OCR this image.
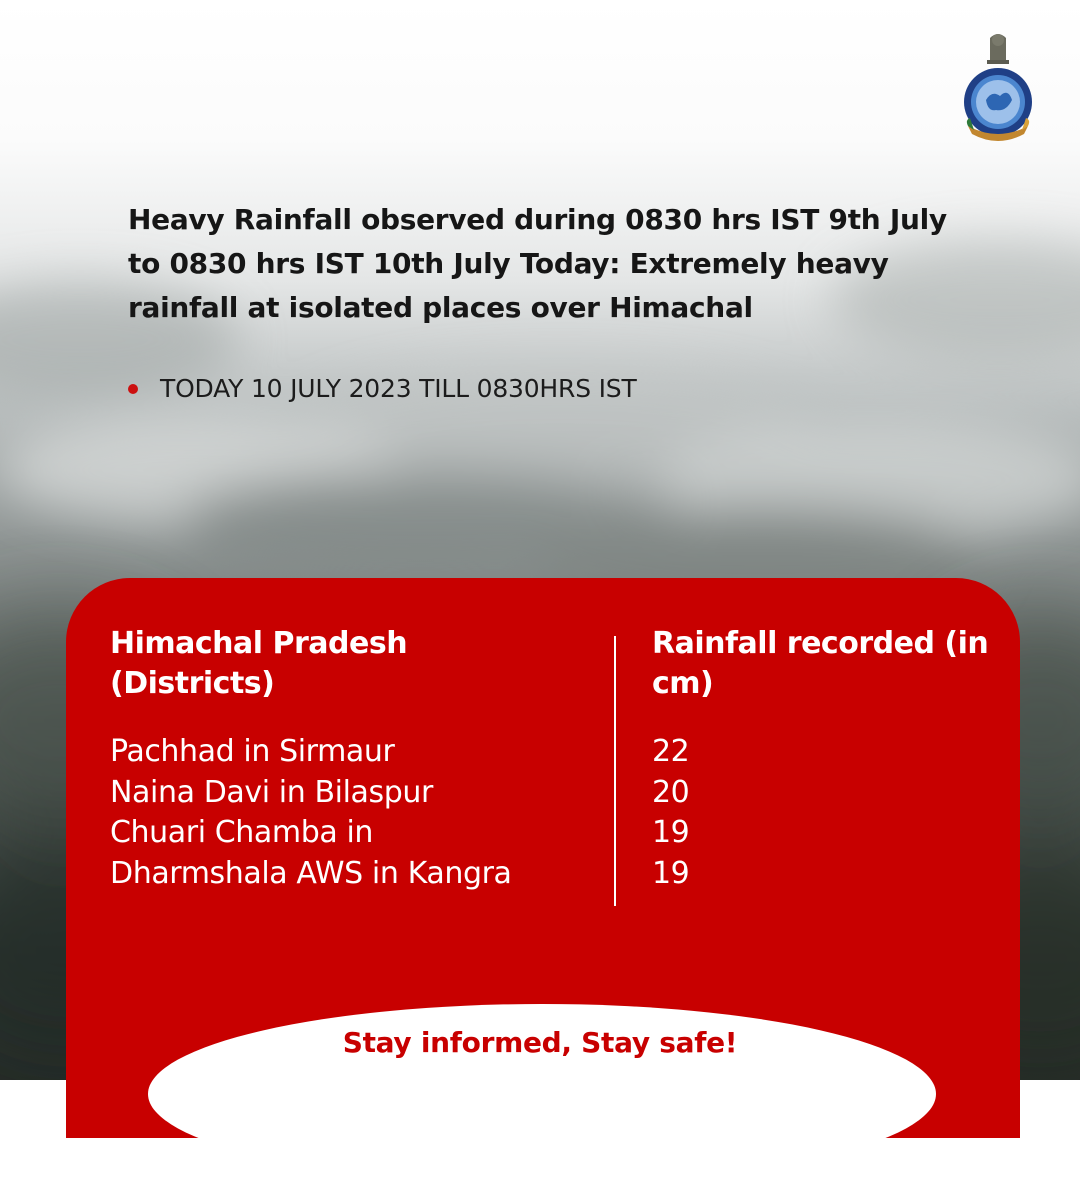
Heavy Rainfall observed during 0830 hrs IST 9th July to 0830 hrs IST 10th July Today: Extremely heavy rainfall at isolated places over Himachal

TODAY 10 JULY 2023 TILL 0830HRS IST
Himachal Pradesh (Districts)
Rainfall recorded (in cm)
Pachhad in Sirmaur
Naina Davi in Bilaspur
Chuari Chamba in
Dharmshala AWS in Kangra
22
20
19
19
Stay informed, Stay safe!
